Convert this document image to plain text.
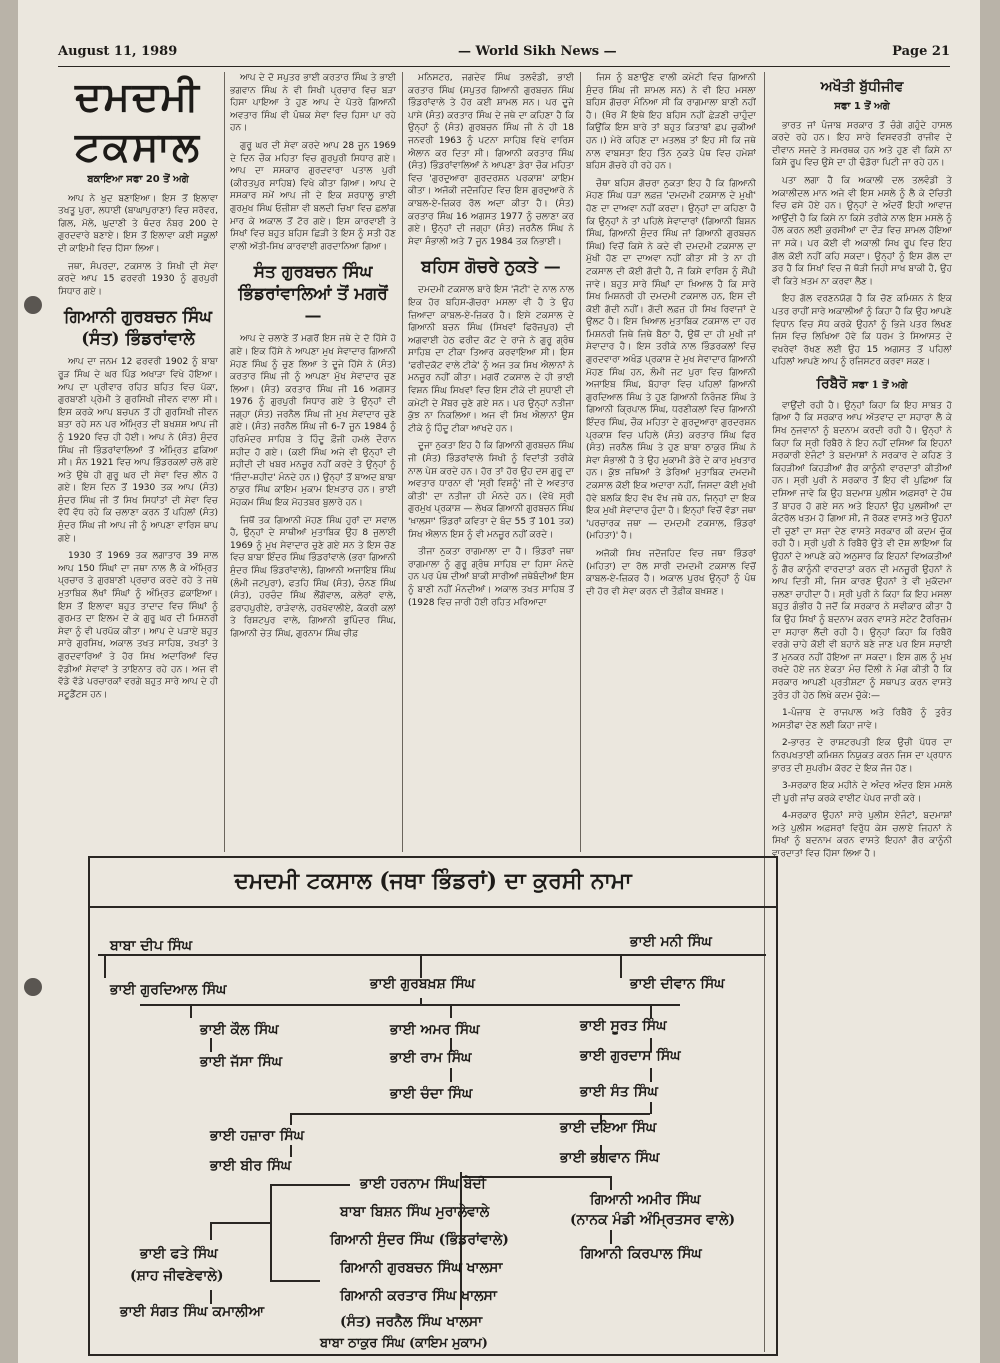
August 11, 1989	— World Sikh News —	Page 21
ਦਮਦਮੀ
ਟਕਸਾਲ
ਬਕਾਇਆ ਸਫਾ 20 ਤੋਂ ਅਗੇ

ਆਪ ਨੇ ਖੁਦ ਬਣਾਇਆ। ਇਸ ਤੋਂ ਇਲਾਵਾ ਤਖਤੂ ਪੁਰਾ, ਲਧਾਈ (ਬਾਘਾਪੁਰਾਣਾ) ਵਿਚ ਸਰੋਵਰ, ਗਿਲ, ਮੋਲੇ, ਘੁਦਾਣੀ ਤੇ ਥੰਦਰ ਨੰਬਰ 200 ਦੇ ਗੁਰਦਵਾਰੇ ਬਣਾਏ। ਇਸ ਤੋਂ ਇਲਾਵਾ ਕਈ ਸਕੂਲਾਂ ਦੀ ਕਾਇਮੀ ਵਿਚ ਹਿੱਸਾ ਲਿਆ।

ਜਥਾ, ਸੰਪਰਦਾ, ਟਕਸਾਲ ਤੇ ਸਿਖੀ ਦੀ ਸੇਵਾ ਕਰਦੇ ਆਪ 15 ਫਰਵਰੀ 1930 ਨੂੰ ਗੁਰਪੁਰੀ ਸਿਧਾਰ ਗਏ।

ਗਿਆਨੀ ਗੁਰਬਚਨ ਸਿੰਘ (ਸੰਤ) ਭਿੰਡਰਾਂਵਾਲੇ

ਆਪ ਦਾ ਜਨਮ 12 ਫਰਵਰੀ 1902 ਨੂੰ ਬਾਬਾ ਰੂੜ ਸਿੰਘ ਦੇ ਘਰ ਪਿੰਡ ਅਖਾੜਾ ਵਿਖੇ ਹੋਇਆ। ਆਪ ਦਾ ਪ੍ਰੀਵਾਰ ਰਹਿਤ ਬਹਿਤ ਵਿਚ ਪੱਕਾ, ਗੁਰਬਾਣੀ ਪ੍ਰੇਮੀ ਤੇ ਗੁਰਸਿਖੀ ਜੀਵਨ ਵਾਲਾ ਸੀ। ਇਸ ਕਰਕੇ ਆਪ ਬਚਪਨ ਤੋਂ ਹੀ ਗੁਰਸਿਖੀ ਜੀਵਨ ਬਤਾ ਰਹੇ ਸਨ ਪਰ ਅੰਮ੍ਰਿਤ ਦੀ ਬਖਸ਼ਸ਼ ਆਪ ਜੀ ਨੂੰ 1920 ਵਿਚ ਹੀ ਹੋਈ। ਆਪ ਨੇ (ਸੰਤ) ਸੁੰਦਰ ਸਿੰਘ ਜੀ ਭਿੰਡਰਾਂਵਾਲਿਆਂ ਤੋਂ ਅੰਮ੍ਰਿਤ ਛਕਿਆ ਸੀ। ਸੰਨ 1921 ਵਿਚ ਆਪ ਭਿੰਡਰਕਲਾਂ ਚਲੇ ਗਏ ਅਤੇ ਉਥੇ ਹੀ ਗੁਰੂ ਘਰ ਦੀ ਸੇਵਾ ਵਿਚ ਲੀਨ ਹੋ ਗਏ। ਇਸ ਦਿਨ ਤੋਂ 1930 ਤਕ ਆਪ (ਸੰਤ) ਸੁੰਦਰ ਸਿੰਘ ਜੀ ਤੋਂ ਸਿਖ ਸਿਧਾਂਤਾਂ ਦੀ ਸੇਵਾ ਵਿਚ ਵੱਧੋਂ ਵੱਧ ਰਹੇ ਕਿ ਚਲਾਣਾ ਕਰਨ ਤੋਂ ਪਹਿਲਾਂ (ਸੰਤ) ਸੁੰਦਰ ਸਿੰਘ ਜੀ ਆਪ ਜੀ ਨੂੰ ਆਪਣਾ ਵਾਰਿਸ ਥਾਪ ਗਏ।

1930 ਤੋਂ 1969 ਤਕ ਲਗਾਤਾਰ 39 ਸਾਲ ਆਪ 150 ਸਿੰਘਾਂ ਦਾ ਜਥਾ ਨਾਲ ਲੈ ਕੇ ਅੰਮ੍ਰਿਤ ਪ੍ਰਚਾਰ ਤੇ ਗੁਰਬਾਣੀ ਪ੍ਰਚਾਰ ਕਰਦੇ ਰਹੇ ਤੇ ਜਥੇ ਮੁਤਾਬਿਕ ਲੱਖਾਂ ਸਿੰਘਾਂ ਨੂੰ ਅੰਮ੍ਰਿਤ ਛਕਾਇਆ। ਇਸ ਤੋਂ ਇਲਾਵਾ ਬਹੁਤ ਤਾਦਾਦ ਵਿਚ ਸਿੰਘਾਂ ਨੂੰ ਗੁਰਮਤ ਦਾ ਇਲਮ ਦੇ ਕੇ ਗੁਰੂ ਘਰ ਦੀ ਮਿਸ਼ਨਰੀ ਸੇਵਾ ਨੂੰ ਵੀ ਪਰਪੱਕ ਕੀਤਾ। ਆਪ ਦੇ ਪੜਾਏ ਬਹੁਤ ਸਾਰੇ ਗੁਰਸਿਖ, ਅਕਾਲ ਤਖਤ ਸਾਹਿਬ, ਤਖਤਾਂ ਤੇ ਗੁਰਦਵਾਰਿਆਂ ਤੇ ਹੋਰ ਸਿਖ ਅਦਾਰਿਆਂ ਵਿਚ ਵੱਡੀਆਂ ਸੇਵਾਵਾਂ ਤੇ ਤਾਇਨਾਤ ਰਹੇ ਹਨ। ਅਜ ਵੀ ਵੱਡੇ ਵੱਡੇ ਪਰਚਾਰਕਾਂ ਵਰਗੇ ਬਹੁਤ ਸਾਰੇ ਆਪ ਦੇ ਹੀ ਸਟੂਡੈਂਟਸ ਹਨ।

ਆਪ ਦੇ ਦੋ ਸਪੁਤਰ ਭਾਈ ਕਰਤਾਰ ਸਿੰਘ ਤੇ ਭਾਈ ਭਗਵਾਨ ਸਿੰਘ ਨੇ ਵੀ ਸਿਖੀ ਪ੍ਰਚਾਰ ਵਿਚ ਬੜਾ ਹਿਸਾ ਪਾਇਆ ਤੇ ਹੁਣ ਆਪ ਦੇ ਪੋਤਰੇ ਗਿਆਨੀ ਅਵਤਾਰ ਸਿੰਘ ਵੀ ਪੰਥਕ ਸੇਵਾ ਵਿਚ ਹਿਸਾ ਪਾ ਰਹੇ ਹਨ।

ਗੁਰੂ ਘਰ ਦੀ ਸੇਵਾ ਕਰਦੇ ਆਪ 28 ਜੂਨ 1969 ਦੇ ਦਿਨ ਚੌਕ ਮਹਿਤਾ ਵਿਚ ਗੁਰਪੁਰੀ ਸਿਧਾਰ ਗਏ। ਆਪ ਦਾ ਸਸਕਾਰ ਗੁਰਦਵਾਰਾ ਪਤਾਲ ਪੁਰੀ (ਕੀਰਤਪੁਰ ਸਾਹਿਬ) ਵਿਖੇ ਕੀਤਾ ਗਿਆ। ਆਪ ਦੇ ਸਸਕਾਰ ਸਮੇਂ ਆਪ ਜੀ ਦੇ ਇਕ ਸ਼ਰਧਾਲੂ ਭਾਈ ਗੁਰਮੁਖ ਸਿੰਘ ਓਜ਼ੀਸ਼ਾ ਵੀ ਬਲਦੀ ਚਿਖਾ ਵਿਚ ਛਲਾਂਗ ਮਾਰ ਕੇ ਅਕਾਲ ਤੋਂ ਟੋਰ ਗਏ। ਇਸ ਕਾਰਵਾਈ ਤੇ ਸਿਖਾਂ ਵਿਚ ਬਹੁਤ ਬਹਿਸ ਛਿੜੀ ਤੇ ਇਸ ਨੂੰ ਸਤੀ ਹੋਣ ਵਾਲੀ ਅੱਤੀ-ਸਿਖ ਕਾਰਵਾਈ ਗਰਦਾਨਿਆ ਗਿਆ।

ਸੰਤ ਗੁਰਬਚਨ ਸਿੰਘ ਭਿੰਡਰਾਂਵਾਲਿਆਂ ਤੋਂ ਮਗਰੋਂ —

ਆਪ ਦੇ ਚਲਾਣੇ ਤੋਂ ਮਗਰੋਂ ਇਸ ਜਥੇ ਦੇ ਦੋ ਹਿੱਸੇ ਹੋ ਗਏ। ਇਕ ਹਿੱਸੇ ਨੇ ਆਪਣਾ ਮੁਖ ਸੇਵਾਦਾਰ ਗਿਆਨੀ ਮੋਹਣ ਸਿੰਘ ਨੂੰ ਚੁਣ ਲਿਆ ਤੇ ਦੂਜੇ ਹਿੱਸੇ ਨੇ (ਸੰਤ) ਕਰਤਾਰ ਸਿੰਘ ਜੀ ਨੂੰ ਆਪਣਾ ਮੁੱਖ ਸੇਵਾਦਾਰ ਚੁਣ ਲਿਆ। (ਸੰਤ) ਕਰਤਾਰ ਸਿੰਘ ਜੀ 16 ਅਗਸਤ 1976 ਨੂੰ ਗੁਰਪੁਰੀ ਸਿਧਾਰ ਗਏ ਤੇ ਉਨ੍ਹਾਂ ਦੀ ਜਗ੍ਹਾ (ਸੰਤ) ਜਰਨੈਲ ਸਿੰਘ ਜੀ ਮੁਖ ਸੇਵਾਦਾਰ ਚੁਣੇ ਗਏ। (ਸੰਤ) ਜਰਨੈਲ ਸਿੰਘ ਜੀ 6-7 ਜੂਨ 1984 ਨੂੰ ਹਰਿਮੰਦਰ ਸਾਹਿਬ ਤੇ ਹਿੰਦੂ ਫ਼ੌਜੀ ਹਮਲੇ ਦੌਰਾਨ ਸ਼ਹੀਦ ਹੋ ਗਏ। (ਕਈ ਸਿੰਘ ਅਜੇ ਵੀ ਉਨ੍ਹਾਂ ਦੀ ਸ਼ਹੀਦੀ ਦੀ ਖਬਰ ਮਨਜ਼ੂਰ ਨਹੀਂ ਕਰਦੇ ਤੇ ਉਨ੍ਹਾਂ ਨੂੰ 'ਜ਼ਿੰਦਾ-ਸ਼ਹੀਦ' ਮੰਨਦੇ ਹਨ।) ਉਨ੍ਹਾਂ ਤੋਂ ਬਾਅਦ ਬਾਬਾ ਠਾਕੁਰ ਸਿੰਘ ਕਾਇਮ ਮੁਕਾਮ ਇਖ਼ਤਾਰ ਹਨ। ਭਾਈ ਮੋਹਕਮ ਸਿੰਘ ਇਕ ਮੋਹਤਬਰ ਬੁਲਾਰੇ ਹਨ।

ਜਿਥੋਂ ਤਕ ਗਿਆਨੀ ਮੋਹਣ ਸਿੰਘ ਹੁਰਾਂ ਦਾ ਸਵਾਲ ਹੈ, ਉਨ੍ਹਾਂ ਦੇ ਸਾਥੀਆਂ ਮੁਤਾਬਿਕ ਉਹ 8 ਜੁਲਾਈ 1969 ਨੂੰ ਮੁਖ ਸੇਵਾਦਾਰ ਚੁਣੇ ਗਏ ਸਨ ਤੇ ਇਸ ਚੋਣ ਵਿਚ ਬਾਬਾ ਇੰਦਰ ਸਿੰਘ ਭਿੰਡਰਾਂਵਾਲੇ (ਭਰਾ ਗਿਆਨੀ ਸੁੰਦਰ ਸਿੰਘ ਭਿੰਡਰਾਂਵਾਲੇ), ਗਿਆਨੀ ਅਜਾਇਬ ਸਿੰਘ (ਲੰਮੀ ਜਟਪੁਰਾ), ਫਤਹਿ ਸਿੰਘ (ਸੰਤ), ਚੰਨਣ ਸਿੰਘ (ਸੰਤ), ਹਰਚੰਦ ਸਿੰਘ ਲੌਂਗੋਵਾਲ, ਕਲੇਰਾਂ ਵਾਲੇ, ਫ਼ਰਾਹਪੁਰੀਏ, ਰਾੜੇਵਾਲੇ, ਹਰਖੋਵਾਲੀਏ, ਕੱਕਰੀ ਕਲਾਂ ਤੇ ਰਿਸ਼ਟਪੁਰ ਵਾਲੇ, ਗਿਆਨੀ ਭੁਪਿੰਦਰ ਸਿੰਘ, ਗਿਆਨੀ ਚੇਤ ਸਿੰਘ, ਗੁਰਨਾਮ ਸਿੰਘ ਚੀਫ਼

ਮਨਿਸਟਰ, ਜਗਦੇਵ ਸਿੰਘ ਤਲਵੰਡੀ, ਭਾਈ ਕਰਤਾਰ ਸਿੰਘ (ਸਪੁਤਰ ਗਿਆਨੀ ਗੁਰਬਚਨ ਸਿੰਘ ਭਿੰਡਰਾਂਵਾਲੇ ਤੇ ਹੋਰ ਕਈ ਸ਼ਾਮਲ ਸਨ। ਪਰ ਦੂਜੇ ਪਾਸੇ (ਸੰਤ) ਕਰਤਾਰ ਸਿੰਘ ਦੇ ਜਥੇ ਦਾ ਕਹਿਣਾ ਹੈ ਕਿ ਉਨ੍ਹਾਂ ਨੂੰ (ਸੰਤ) ਗੁਰਬਚਨ ਸਿੰਘ ਜੀ ਨੇ ਹੀ 18 ਜਨਵਰੀ 1963 ਨੂੰ ਪਟਨਾ ਸਾਹਿਬ ਵਿਖੇ ਵਾਰਿਸ ਐਲਾਨ ਕਰ ਦਿਤਾ ਸੀ। ਗਿਆਨੀ ਕਰਤਾਰ ਸਿੰਘ (ਸੰਤ) ਭਿੰਡਰਾਂਵਾਲਿਆਂ ਨੇ ਆਪਣਾ ਡੇਰਾ ਚੌਕ ਮਹਿਤਾ ਵਿਚ 'ਗੁਰਦੁਆਰਾ ਗੁਰਦਰਸ਼ਨ ਪਰਕਾਸ਼' ਕਾਇਮ ਕੀਤਾ। ਅਜੋਕੀ ਜਦੋਜਹਿਦ ਵਿਚ ਇਸ ਗੁਰਦੁਆਰੇ ਨੇ ਕਾਬਲ-ਏ-ਜ਼ਿਕਰ ਰੋਲ ਅਦਾ ਕੀਤਾ ਹੈ। (ਸੰਤ) ਕਰਤਾਰ ਸਿੰਘ 16 ਅਗਸਤ 1977 ਨੂੰ ਚਲਾਣਾ ਕਰ ਗਏ। ਉਨ੍ਹਾਂ ਦੀ ਜਗ੍ਹਾ (ਸੰਤ) ਜਰਨੈਲ ਸਿੰਘ ਨੇ ਸੇਵਾ ਸੰਭਾਲੀ ਅਤੇ 7 ਜੂਨ 1984 ਤਕ ਨਿਭਾਈ।

ਬਹਿਸ ਗੋਚਰੇ ਨੁਕਤੇ —

ਦਮਦਮੀ ਟਕਸਾਲ ਬਾਰੇ ਇਸ 'ਜੋਟੀ' ਦੇ ਨਾਲ ਨਾਲ ਇਕ ਹੋਰ ਬਹਿਸ-ਗੋਚਰਾ ਮਸਲਾ ਵੀ ਹੈ ਤੇ ਉਹ ਜ਼ਿਆਦਾ ਕਾਬਲ-ਏ-ਜ਼ਿਕਰ ਹੈ। ਇਸੇ ਟਕਸਾਲ ਦੇ ਗਿਆਨੀ ਬਚਨ ਸਿੰਘ (ਸਿਖਵਾਂ ਫਿਰੋਜ਼ਪੁਰ) ਦੀ ਅਗਵਾਈ ਹੇਠ ਫਰੀਦ ਕੋਟ ਦੇ ਰਾਜੇ ਨੇ ਗੁਰੂ ਗ੍ਰੰਥ ਸਾਹਿਬ ਦਾ ਟੀਕਾ ਤਿਆਰ ਕਰਵਾਇਆ ਸੀ। ਇਸ 'ਫਰੀਦਕੋਟ ਵਾਲੇ ਟੀਕੇ' ਨੂੰ ਅਜ ਤਕ ਸਿਖ ਐਲਾਨਾਂ ਨੇ ਮਨਜ਼ੂਰ ਨਹੀਂ ਕੀਤਾ। ਮਗਰੋਂ ਟਕਸਾਲ ਦੇ ਹੀ ਭਾਈ ਵਿਸ਼ਨ ਸਿੰਘ ਸਿਖਵਾਂ ਵਿਚ ਇਸ ਟੀਕੇ ਦੀ ਸੁਧਾਈ ਦੀ ਕਮੇਟੀ ਦੇ ਮੈਂਬਰ ਚੁਣੇ ਗਏ ਸਨ। ਪਰ ਉਨ੍ਹਾਂ ਨਤੀਜਾ ਕੁੱਝ ਨਾ ਨਿਕਲਿਆ। ਅਜ ਵੀ ਸਿਖ ਐਲਾਨਾਂ ਉਸ ਟੀਕੇ ਨੂੰ ਹਿੰਦੂ ਟੀਕਾ ਆਖਦੇ ਹਨ।

ਦੂਜਾ ਨੁਕਤਾ ਇਹ ਹੈ ਕਿ ਗਿਆਨੀ ਗੁਰਬਚਨ ਸਿੰਘ ਜੀ (ਸੰਤ) ਭਿੰਡਰਾਂਵਾਲੇ ਸਿਖੀ ਨੂੰ ਵਿਦਾਂਤੀ ਤਰੀਕੇ ਨਾਲ ਪੇਸ਼ ਕਰਦੇ ਹਨ। ਹੋਰ ਤਾਂ ਹੋਰ ਉਹ ਦਸ ਗੁਰੂ ਦਾ ਅਵਤਾਰ ਧਾਰਨਾ ਵੀ 'ਸ੍ਰੀ ਵਿਸ਼ਨੂੰ' ਜੀ ਦੇ ਅਵਤਾਰ ਕੀਤੀ' ਦਾ ਨਤੀਜਾ ਹੀ ਮੰਨਦੇ ਹਨ। (ਵੇਖੋ ਸ੍ਰੀ ਗੁਰਮੁਖ ਪ੍ਰਕਾਸ਼ — ਲੇਖਕ ਗਿਆਨੀ ਗੁਰਬਚਨ ਸਿੰਘ 'ਖ਼ਾਲਸਾ' ਭਿੰਡਰਾਂ ਕਵਿਤਾ ਦੇ ਬੰਦ 55 ਤੋਂ 101 ਤਕ) ਸਿਖ ਐਲਾਨ ਇਸ ਨੂੰ ਵੀ ਮਨਜ਼ੂਰ ਨਹੀਂ ਕਰਦੇ।

ਤੀਜਾ ਨੁਕਤਾ ਰਾਗਮਾਲਾ ਦਾ ਹੈ। ਭਿੰਡਰਾਂ ਜਥਾ ਰਾਗਮਾਲਾ ਨੂੰ ਗੁਰੂ ਗ੍ਰੰਥ ਸਾਹਿਬ ਦਾ ਹਿਸਾ ਮੰਨਦੇ ਹਨ ਪਰ ਪੰਥ ਦੀਆਂ ਬਾਕੀ ਸਾਰੀਆਂ ਜਥੇਬੰਦੀਆਂ ਇਸ ਨੂੰ ਬਾਣੀ ਨਹੀਂ ਮੰਨਦੀਆਂ। ਅਕਾਲ ਤਖਤ ਸਾਹਿਬ ਤੋਂ (1928 ਵਿਚ ਜਾਰੀ ਹੋਈ ਰਹਿਤ ਮਰਿਆਦਾ

ਜਿਸ ਨੂੰ ਬਣਾਉਣ ਵਾਲੀ ਕਮੇਟੀ ਵਿਚ ਗਿਆਨੀ ਸੁੰਦਰ ਸਿੰਘ ਜੀ ਸ਼ਾਮਲ ਸਨ) ਨੇ ਵੀ ਇਹ ਮਸਲਾ ਬਹਿਸ ਗੋਚਰਾ ਮੰਨਿਆ ਸੀ ਕਿ ਰਾਗਮਾਲਾ ਬਾਣੀ ਨਹੀਂ ਹੈ। (ਖ਼ੈਰ ਮੈਂ ਇਥੇ ਇਹ ਬਹਿਸ ਨਹੀਂ ਛੇੜਣੀ ਚਾਹੁੰਦਾ ਕਿਉਂਕਿ ਇਸ ਬਾਰੇ ਤਾਂ ਬਹੁਤ ਕਿਤਾਬਾਂ ਛਪ ਚੁਕੀਆਂ ਹਨ।) ਮੇਰੇ ਕਹਿਣ ਦਾ ਮਤਲਬ ਤਾਂ ਇਹ ਸੀ ਕਿ ਜਥੇ ਨਾਲ ਵਾਬਸਤਾ ਇਹ ਤਿੰਨ ਨੁਕਤੇ ਪੰਥ ਵਿਚ ਹਮੇਸ਼ਾਂ ਬਹਿਸ ਗੋਚਰੇ ਹੀ ਰਹੇ ਹਨ।

ਚੌਥਾ ਬਹਿਸ ਗੋਚਰਾ ਨੁਕਤਾ ਇਹ ਹੈ ਕਿ ਗਿਆਨੀ ਮੋਹਣ ਸਿੰਘ ਧੜਾ ਲਫ਼ਜ਼ 'ਦਮਦਮੀ ਟਕਸਾਲ ਦੇ ਮੁਖੀ' ਹੋਣ ਦਾ ਦਾਅਵਾ ਨਹੀਂ ਕਰਦਾ। ਉਨ੍ਹਾਂ ਦਾ ਕਹਿਣਾ ਹੈ ਕਿ ਉਨ੍ਹਾਂ ਨੇ ਤਾਂ ਪਹਿਲੇ ਸੇਵਾਦਾਰਾਂ (ਗਿਆਨੀ ਬਿਸ਼ਨ ਸਿੰਘ, ਗਿਆਨੀ ਸੁੰਦਰ ਸਿੰਘ ਜਾਂ ਗਿਆਨੀ ਗੁਰਬਚਨ ਸਿੰਘ) ਵਿਚੋਂ ਕਿਸੇ ਨੇ ਕਦੇ ਵੀ ਦਮਦਮੀ ਟਕਸਾਲ ਦਾ ਮੁੱਖੀ ਹੋਣ ਦਾ ਦਾਅਵਾ ਨਹੀਂ ਕੀਤਾ ਸੀ ਤੇ ਨਾ ਹੀ ਟਕਸਾਲ ਦੀ ਕੋਈ ਗੱਦੀ ਹੈ, ਜੋ ਕਿਸੇ ਵਾਰਿਸ ਨੂੰ ਸੌਂਪੀ ਜਾਵੇ। ਬਹੁਤ ਸਾਰੇ ਸਿੰਘਾਂ ਦਾ ਖ਼ਿਆਲ ਹੈ ਕਿ ਸਾਰੇ ਸਿਖ ਮਿਸ਼ਨਰੀ ਹੀ ਦਮਦਮੀ ਟਕਸਾਲ ਹਨ, ਇਸ ਦੀ ਕੋਈ ਗੱਦੀ ਨਹੀਂ। ਗੱਦੀ ਲਫ਼ਜ਼ ਹੀ ਸਿਖ ਰਿਵਾਜਾਂ ਦੇ ਉਲਟ ਹੈ। ਇਸ ਖ਼ਿਆਲ ਮੁਤਾਬਿਕ ਟਕਸਾਲ ਦਾ ਹਰ ਮਿਸ਼ਨਰੀ ਜਿਥੇ ਜਿਥੇ ਬੈਠਾ ਹੈ, ਉਥੋਂ ਦਾ ਹੀ ਮੁਖੀ ਜਾਂ ਸੇਵਾਦਾਰ ਹੈ। ਇਸ ਤਰੀਕੇ ਨਾਲ ਭਿੰਡਰਕਲਾਂ ਵਿਚ ਗੁਰਦਵਾਰਾ ਅਖੰਡ ਪ੍ਰਕਾਸ਼ ਦੇ ਮੁਖ ਸੇਵਾਦਾਰ ਗਿਆਨੀ ਮੋਹਣ ਸਿੰਘ ਹਨ, ਲੰਮੀ ਜਟ ਪੁਰਾ ਵਿਚ ਗਿਆਨੀ ਅਜਾਇਬ ਸਿੰਘ, ਬੋਹਾਰਾ ਵਿਚ ਪਹਿਲਾਂ ਗਿਆਨੀ ਗੁਰਦਿਆਲ ਸਿੰਘ ਤੇ ਹੁਣ ਗਿਆਨੀ ਨਿਰੰਜਣ ਸਿੰਘ ਤੇ ਗਿਆਨੀ ਕ੍ਰਿਪਾਲ ਸਿੰਘ, ਧਰਣੀਕਲਾਂ ਵਿਚ ਗਿਆਨੀ ਇੰਦਰ ਸਿੰਘ, ਚੌਕ ਮਹਿਤਾ ਦੇ ਗੁਰਦੁਆਰਾ ਗੁਰਦਰਸ਼ਨ ਪ੍ਰਕਾਸ਼ ਵਿਚ ਪਹਿਲੇ (ਸੰਤ) ਕਰਤਾਰ ਸਿੰਘ ਫਿਰ (ਸੰਤ) ਜਰਨੈਲ ਸਿੰਘ ਤੇ ਹੁਣ ਬਾਬਾ ਠਾਕੁਰ ਸਿੰਘ ਨੇ ਸੇਵਾ ਸੰਭਾਲੀ ਹੈ ਤੇ ਉਹ ਮੁਕਾਮੀ ਡੇਰੇ ਦੇ ਕਾਰ ਮੁਖਤਾਰ ਹਨ। ਕੁੱਝ ਜਥਿਆਂ ਤੇ ਡੇਰਿਆਂ ਮੁਤਾਬਿਕ ਦਮਦਮੀ ਟਕਸਾਲ ਕੋਈ ਇਕ ਅਦਾਰਾ ਨਹੀਂ, ਜਿਸਦਾ ਕੋਈ ਮੁਖੀ ਹੋਵੇ ਬਲਕਿ ਇਹ ਵੱਖ ਵੱਖ ਜਥੇ ਹਨ, ਜਿਨ੍ਹਾਂ ਦਾ ਇਕ ਇਕ ਮੁਖੀ ਸੇਵਾਦਾਰ ਹੁੰਦਾ ਹੈ। ਇਨ੍ਹਾਂ ਵਿਚੋਂ ਵੱਡਾ ਜਥਾ 'ਪਰਚਾਰਕ ਜਥਾ — ਦਮਦਮੀ ਟਕਸਾਲ, ਭਿੰਡਰਾਂ (ਮਹਿਤਾ)' ਹੈ।

ਅਜੋਕੀ ਸਿਖ ਜਦੋਜਹਿਦ ਵਿਚ ਜਥਾ ਭਿੰਡਰਾਂ (ਮਹਿਤਾ) ਦਾ ਰੋਲ ਸਾਰੀ ਦਮਦਮੀ ਟਕਸਾਲ ਵਿਚੋਂ ਕਾਬਲ-ਏ-ਜ਼ਿਕਰ ਹੈ। ਅਕਾਲ ਪੁਰਖ ਉਨ੍ਹਾਂ ਨੂੰ ਪੰਥ ਦੀ ਹੋਰ ਵੀ ਸੇਵਾ ਕਰਨ ਦੀ ਤੌਫ਼ੀਕ ਬਖ਼ਸ਼ਣ।

ਅਖੌਤੀ ਬੁੱਧੀਜੀਵ
ਸਫਾ 1 ਤੋਂ ਅਗੇ

ਭਾਰਤ ਜਾਂ ਪੰਜਾਬ ਸਰਕਾਰ ਤੋਂ ਚੰਗੇ ਗਹੁੰਦੇ ਹਾਸਲ ਕਰਦੇ ਰਹੇ ਹਨ। ਇਹ ਸਾਰੇ ਵਿਸਵਰਤੀ ਰਾਜੀਵ ਦੇ ਦੀਵਾਨ ਸਜਦੇ ਤੇ ਸਮਰਥਕ ਹਨ ਅਤੇ ਹੁਣ ਵੀ ਕਿਸੇ ਨਾ ਕਿਸੇ ਰੂਪ ਵਿਚ ਉਸੇ ਦਾ ਹੀ ਢੰਡੋਰਾ ਪਿਟੀ ਜਾ ਰਹੇ ਹਨ।

ਪਤਾ ਲਗਾ ਹੈ ਕਿ ਅਕਾਲੀ ਦਲ ਤਲਵੰਡੀ ਤੇ ਅਕਾਲੀਦਲ ਮਾਨ ਅਜੇ ਵੀ ਇਸ ਮਸਲੇ ਨੂੰ ਲੈ ਕੇ ਦੋਚਿਤੀ ਵਿਚ ਫਸੇ ਹੋਏ ਹਨ। ਉਨ੍ਹਾਂ ਦੇ ਅੰਦਰੋਂ ਇਹੀ ਆਵਾਜ਼ ਆਉਂਦੀ ਹੈ ਕਿ ਕਿਸੇ ਨਾ ਕਿਸੇ ਤਰੀਕੇ ਨਾਲ ਇਸ ਮਸਲੇ ਨੂੰ ਹੱਲ ਕਰਨ ਲਈ ਕੁਰਸੀਆਂ ਦਾ ਦੌੜ ਵਿਚ ਸ਼ਾਮਲ ਹੋਇਆ ਜਾ ਸਕੇ। ਪਰ ਕੋਈ ਵੀ ਅਕਾਲੀ ਸਿਖ ਰੂਪ ਵਿਚ ਇਹ ਗੱਲ ਕੋਈ ਨਹੀਂ ਕਹਿ ਸਕਦਾ। ਉਨ੍ਹਾਂ ਨੂੰ ਇਸ ਗੱਲ ਦਾ ਡਰ ਹੈ ਕਿ ਸਿਖਾਂ ਵਿਚ ਜੋ ਥੋੜੀ ਜਿਹੀ ਸਾਖ ਬਾਕੀ ਹੈ, ਉਹ ਵੀ ਕਿਤੇ ਖ਼ਤਮ ਨਾ ਕਰਵਾ ਲੈਣ।

ਇਹ ਗੱਲ ਵਰਣਨਯੋਗ ਹੈ ਕਿ ਚੋਣ ਕਮਿਸ਼ਨ ਨੇ ਇਕ ਪਤਰ ਰਾਹੀਂ ਸਾਰੇ ਅਕਾਲੀਆਂ ਨੂੰ ਕਿਹਾ ਹੈ ਕਿ ਉਹ ਆਪਣੇ ਵਿਧਾਨ ਵਿਚ ਸੋਧ ਕਰਕੇ ਉਹਨਾਂ ਨੂੰ ਭਿਜੇ ਪਤਰ ਲਿਖਣ ਜਿਸ ਵਿਚ ਲਿਖਿਆ ਹੋਵੇ ਕਿ ਧਰਮ ਤੇ ਸਿਆਸਤ ਦੇ ਵਖਰੇਵਾਂ ਰੱਖਣ ਲਈ ਉਹ 15 ਅਗਸਤ ਤੋਂ ਪਹਿਲਾਂ ਪਹਿਲਾਂ ਆਪਣੇ ਆਪ ਨੂੰ ਰਜਿਸਟਰ ਕਰਵਾ ਸਕਣ।

ਰਿਬੈਰੋ ਸਫਾ 1 ਤੋਂ ਅਗੇ

ਵਾਉਂਦੀ ਰਹੀ ਹੈ। ਉਨ੍ਹਾਂ ਕਿਹਾ ਕਿ ਇਹ ਸਾਬਤ ਹੋ ਗਿਆ ਹੈ ਕਿ ਸਰਕਾਰ ਆਪ ਅੱਤਵਾਦ ਦਾ ਸਹਾਰਾ ਲੈ ਕੇ ਸਿਖ ਨੁਜਵਾਨਾਂ ਨੂੰ ਬਦਨਾਮ ਕਰਦੀ ਰਹੀ ਹੈ। ਉਨ੍ਹਾਂ ਨੇ ਕਿਹਾ ਕਿ ਸ੍ਰੀ ਰਿਬੈਰੋ ਨੇ ਇਹ ਨਹੀਂ ਦਸਿਆ ਕਿ ਇਹਨਾਂ ਸਰਕਾਰੀ ਏਜੰਟਾਂ ਤੇ ਬਦਮਾਸ਼ਾਂ ਨੇ ਸਰਕਾਰ ਦੇ ਕਹਿਣ ਤੇ ਕਿਹੜੀਆਂ ਕਿਹੜੀਆਂ ਗੈਰ ਕਾਨੂੰਨੀ ਵਾਰਦਾਤਾਂ ਕੀਤੀਆਂ ਹਨ। ਸ੍ਰੀ ਪੁਰੀ ਨੇ ਸਰਕਾਰ ਤੋਂ ਇਹ ਵੀ ਪੁਛਿਆ ਕਿ ਦਸਿਆ ਜਾਵੇ ਕਿ ਉਹ ਬਦਮਾਸ਼ ਪੁਲੀਸ ਅਫ਼ਸਰਾਂ ਦੇ ਹੱਥ ਤੋਂ ਬਾਹਰ ਹੋ ਗਏ ਸਨ ਅਤੇ ਇਹਨਾਂ ਉਹ ਪੁਲਸੀਆਂ ਦਾ ਕੰਟਰੋਲ ਖਤਮ ਹੋ ਗਿਆ ਸੀ, ਜੋ ਰੋਕਣ ਵਾਸਤੇ ਅਤੇ ਉਹਨਾਂ ਦੀ ਚੁਣਾਂ ਦਾ ਸਜ਼ਾ ਦੇਣ ਵਾਸਤੇ ਸਰਕਾਰ ਕੀ ਕਦਮ ਚੁੱਕ ਰਹੀ ਹੈ। ਸ੍ਰੀ ਪੁਰੀ ਨੇ ਰਿਬੈਰੋ ਉਤੇ ਵੀ ਦੋਸ਼ ਲਾਇਆ ਕਿ ਉਹਨਾਂ ਦੇ ਆਪਣੇ ਕਹੇ ਅਨੁਸਾਰ ਕਿ ਇਹਨਾਂ ਵਿਅਕਤੀਆਂ ਨੂੰ ਗੈਰ ਕਾਨੂੰਨੀ ਵਾਰਦਾਤਾਂ ਕਰਨ ਦੀ ਮਨਜ਼ੂਰੀ ਉਹਨਾਂ ਨੇ ਆਪ ਦਿਤੀ ਸੀ, ਜਿਸ ਕਾਰਣ ਉਹਨਾਂ ਤੇ ਵੀ ਮੁਕੱਦਮਾ ਚਲਣਾ ਚਾਹੀਦਾ ਹੈ। ਸ੍ਰੀ ਪੁਰੀ ਨੇ ਕਿਹਾ ਕਿ ਇਹ ਮਸਲਾ ਬਹੁਤ ਗੰਭੀਰ ਹੈ ਜਦੋਂ ਕਿ ਸਰਕਾਰ ਨੇ ਸਵੀਕਾਰ ਕੀਤਾ ਹੈ ਕਿ ਉਹ ਸਿਖਾਂ ਨੂੰ ਬਦਨਾਮ ਕਰਨ ਵਾਸਤੇ ਸਟੇਟ ਟੈਰਰਿਜ਼ਮ ਦਾ ਸਹਾਰਾ ਲੈਂਦੀ ਰਹੀ ਹੈ। ਉਨ੍ਹਾਂ ਕਿਹਾ ਕਿ ਰਿਬੈਰੋ ਵਰਗੇ ਚਾਹੇ ਕੋਈ ਵੀ ਬਹਾਨੇ ਬਣੇ ਜਾਣ ਪਰ ਇਸ ਸਚਾਈ ਤੋਂ ਮੁਨਕਰ ਨਹੀਂ ਹੋਇਆ ਜਾ ਸਕਦਾ। ਇਸ ਗਲ ਨੂੰ ਮੁਖ ਰਖਦੇ ਹੋਏ ਜਨ ਏਕਤਾ ਮੰਚ ਦਿੱਲੀ ਨੇ ਮੰਗ ਕੀਤੀ ਹੈ ਕਿ ਸਰਕਾਰ ਆਪਣੀ ਪ੍ਰਤੀਸ਼ਟਾ ਨੂੰ ਸਥਾਪਤ ਕਰਨ ਵਾਸਤੇ ਤੁਰੰਤ ਹੀ ਹੇਠ ਲਿਖੇ ਕਦਮ ਚੁੱਕੇ:—

1-ਪੰਜਾਬ ਦੇ ਰਾਜਪਾਲ ਅਤੇ ਰਿਬੈਰੋ ਨੂੰ ਤੁਰੰਤ ਅਸਤੀਫਾ ਦੇਣ ਲਈ ਕਿਹਾ ਜਾਵੇ।

2-ਭਾਰਤ ਦੇ ਰਾਸ਼ਟਰਪਤੀ ਇਕ ਉਚੀ ਪੱਧਰ ਦਾ ਨਿਰਪਖਤਾਈ ਕਮਿਸ਼ਨ ਨਿਯੁਕਤ ਕਰਨ ਜਿਸ ਦਾ ਪ੍ਰਧਾਨ ਭਾਰਤ ਦੀ ਸੁਪਰੀਮ ਕੋਰਟ ਦੇ ਇਕ ਜੱਜ ਹੋਣ।

3-ਸਰਕਾਰ ਇਕ ਮਹੀਨੇ ਦੇ ਅੰਦਰ ਅੰਦਰ ਇਸ ਮਸਲੇ ਦੀ ਪੂਰੀ ਜਾਂਚ ਕਰਕੇ ਵਾਈਟ ਪੇਪਰ ਜਾਰੀ ਕਰੇ।

4-ਸਰਕਾਰ ਉਹਨਾਂ ਸਾਰੇ ਪੁਲੀਸ ਏਜੰਟਾਂ, ਬਦਮਾਸ਼ਾਂ ਅਤੇ ਪੁਲੀਸ ਅਫ਼ਸਰਾਂ ਵਿਰੁੱਧ ਕੇਸ ਚਲਾਏ ਜਿਹਨਾਂ ਨੇ ਸਿਖਾਂ ਨੂੰ ਬਦਨਾਮ ਕਰਨ ਵਾਸਤੇ ਇਹਨਾਂ ਗੈਰ ਕਾਨੂੰਨੀ ਵਾਰਦਾਤਾਂ ਵਿਚ ਹਿੱਸਾ ਲਿਆ ਹੈ।

ਦਮਦਮੀ ਟਕਸਾਲ (ਜਥਾ ਭਿੰਡਰਾਂ) ਦਾ ਕੁਰਸੀ ਨਾਮਾ
ਬਾਬਾ ਦੀਪ ਸਿੰਘ	ਭਾਈ ਮਨੀ ਸਿੰਘ
ਭਾਈ ਗੁਰਦਿਆਲ ਸਿੰਘ	ਭਾਈ ਗੁਰਬਖ਼ਸ਼ ਸਿੰਘ	ਭਾਈ ਦੀਵਾਨ ਸਿੰਘ
ਭਾਈ ਕੌਲ ਸਿੰਘ	ਭਾਈ ਅਮਰ ਸਿੰਘ	ਭਾਈ ਸੂਰਤ ਸਿੰਘ
ਭਾਈ ਜੱਸਾ ਸਿੰਘ	ਭਾਈ ਰਾਮ ਸਿੰਘ	ਭਾਈ ਗੁਰਦਾਸ ਸਿੰਘ
ਭਾਈ ਚੰਦਾ ਸਿੰਘ	ਭਾਈ ਸੰਤ ਸਿੰਘ
ਭਾਈ ਹਜ਼ਾਰਾ ਸਿੰਘ	ਭਾਈ ਦਇਆ ਸਿੰਘ
ਭਾਈ ਬੀਰ ਸਿੰਘ	ਭਾਈ ਭਗਵਾਨ ਸਿੰਘ
ਭਾਈ ਹਰਨਾਮ ਸਿੰਘ ਬੇਦੀ
ਬਾਬਾ ਬਿਸ਼ਨ ਸਿੰਘ ਮੁਰਾਲੇਵਾਲੇ
ਗਿਆਨੀ ਸੁੰਦਰ ਸਿੰਘ (ਭਿੰਡਰਾਂਵਾਲੇ)
ਗਿਆਨੀ ਗੁਰਬਚਨ ਸਿੰਘ ਖਾਲਸਾ
ਗਿਆਨੀ ਕਰਤਾਰ ਸਿੰਘ ਖਾਲਸਾ
(ਸੰਤ) ਜਰਨੈਲ ਸਿੰਘ ਖਾਲਸਾ
ਬਾਬਾ ਠਾਕੁਰ ਸਿੰਘ (ਕਾਇਮ ਮੁਕਾਮ)
ਗਿਆਨੀ ਅਮੀਰ ਸਿੰਘ
(ਨਾਨਕ ਮੰਡੀ ਅੰਮ੍ਰਿਤਸਰ ਵਾਲੇ)
ਗਿਆਨੀ ਕਿਰਪਾਲ ਸਿੰਘ
ਭਾਈ ਫਤੇ ਸਿੰਘ
(ਸ਼ਾਹ ਜੀਵਣੇਵਾਲੇ)
ਭਾਈ ਸੰਗਤ ਸਿੰਘ ਕਮਾਲੀਆ
